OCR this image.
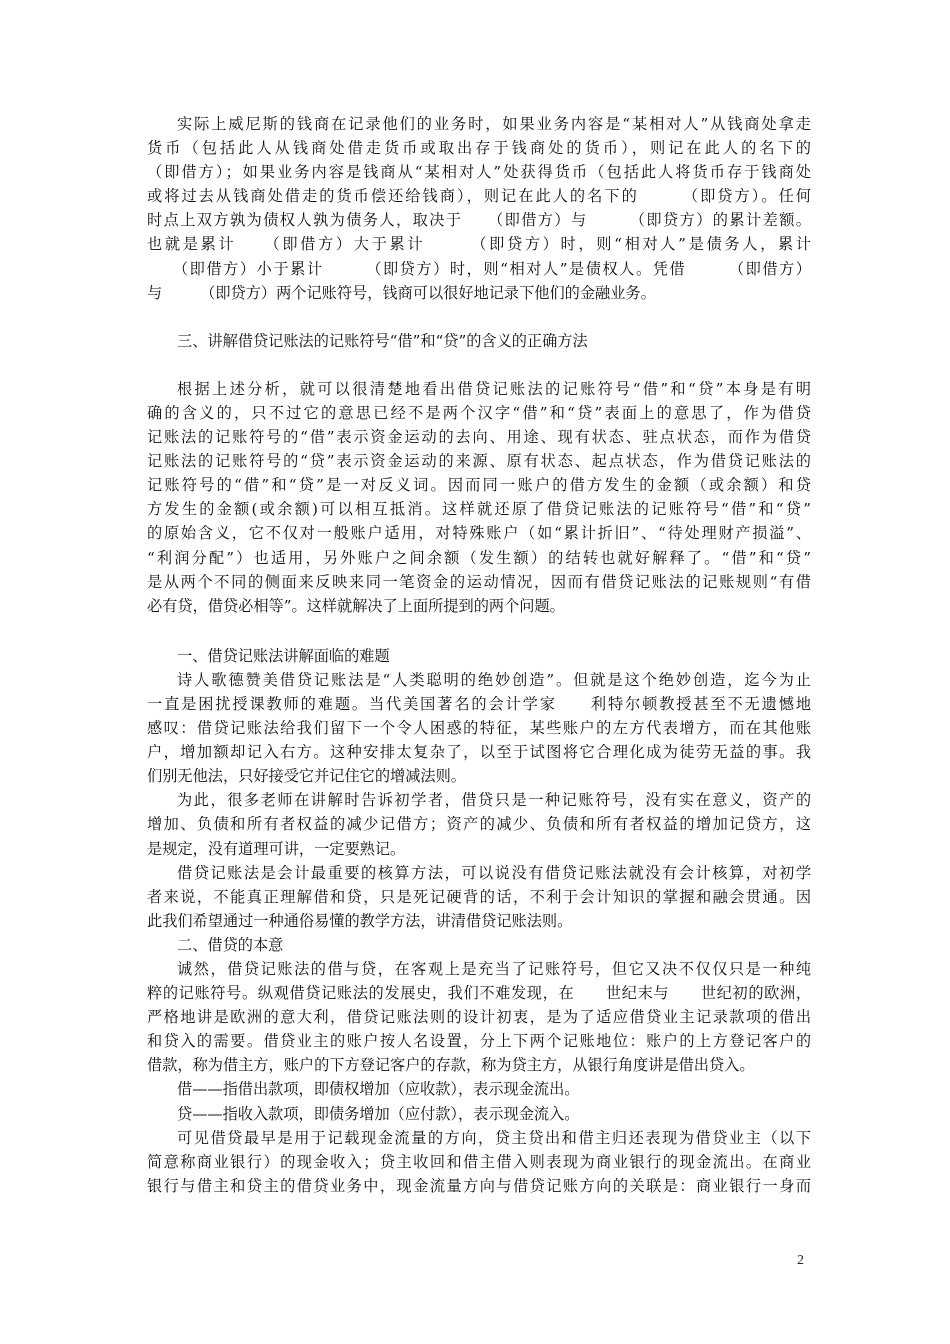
实际上威尼斯的钱商在记录他们的业务时，如果业务内容是“某相对人”从钱商处拿走
货币（包括此人从钱商处借走货币或取出存于钱商处的货币），则记在此人的名下的
（即借方）；如果业务内容是钱商从“某相对人”处获得货币（包括此人将货币存于钱商处
或将过去从钱商处借走的货币偿还给钱商），则记在此人的名下的　　　（即贷方）。任何
时点上双方孰为债权人孰为债务人，取决于　　（即借方）与　　　（即贷方）的累计差额。
也就是累计　　（即借方）大于累计　　　（即贷方）时，则“相对人”是债务人，累计
　　（即借方）小于累计　　　（即贷方）时，则“相对人”是债权人。凭借　　　（即借方）
与　　　（即贷方）两个记账符号，钱商可以很好地记录下他们的金融业务。
三、讲解借贷记账法的记账符号“借”和“贷”的含义的正确方法
根据上述分析，就可以很清楚地看出借贷记账法的记账符号“借”和“贷”本身是有明
确的含义的，只不过它的意思已经不是两个汉字“借”和“贷”表面上的意思了，作为借贷
记账法的记账符号的“借”表示资金运动的去向、用途、现有状态、驻点状态，而作为借贷
记账法的记账符号的“贷”表示资金运动的来源、原有状态、起点状态，作为借贷记账法的
记账符号的“借”和“贷”是一对反义词。因而同一账户的借方发生的金额（或余额）和贷
方发生的金额(或余额)可以相互抵消。这样就还原了借贷记账法的记账符号“借”和“贷”
的原始含义，它不仅对一般账户适用，对特殊账户（如“累计折旧”、“待处理财产损溢”、
“利润分配”）也适用，另外账户之间余额（发生额）的结转也就好解释了。“借”和“贷”
是从两个不同的侧面来反映来同一笔资金的运动情况，因而有借贷记账法的记账规则“有借
必有贷，借贷必相等”。这样就解决了上面所提到的两个问题。
一、借贷记账法讲解面临的难题
诗人歌德赞美借贷记账法是“人类聪明的绝妙创造”。但就是这个绝妙创造，迄今为止
一直是困扰授课教师的难题。当代美国著名的会计学家　　利特尔顿教授甚至不无遗憾地
感叹：借贷记账法给我们留下一个令人困惑的特征，某些账户的左方代表增方，而在其他账
户，增加额却记入右方。这种安排太复杂了，以至于试图将它合理化成为徒劳无益的事。我
们别无他法，只好接受它并记住它的增减法则。
为此，很多老师在讲解时告诉初学者，借贷只是一种记账符号，没有实在意义，资产的
增加、负债和所有者权益的减少记借方；资产的减少、负债和所有者权益的增加记贷方，这
是规定，没有道理可讲，一定要熟记。
借贷记账法是会计最重要的核算方法，可以说没有借贷记账法就没有会计核算，对初学
者来说，不能真正理解借和贷，只是死记硬背的话，不利于会计知识的掌握和融会贯通。因
此我们希望通过一种通俗易懂的教学方法，讲清借贷记账法则。
二、借贷的本意
诚然，借贷记账法的借与贷，在客观上是充当了记账符号，但它又决不仅仅只是一种纯
粹的记账符号。纵观借贷记账法的发展史，我们不难发现，在　　世纪末与　　世纪初的欧洲，
严格地讲是欧洲的意大利，借贷记账法则的设计初衷，是为了适应借贷业主记录款项的借出
和贷入的需要。借贷业主的账户按人名设置，分上下两个记账地位：账户的上方登记客户的
借款，称为借主方，账户的下方登记客户的存款，称为贷主方，从银行角度讲是借出贷入。
借——指借出款项，即债权增加（应收款），表示现金流出。
贷——指收入款项，即债务增加（应付款），表示现金流入。
可见借贷最早是用于记载现金流量的方向，贷主贷出和借主归还表现为借贷业主（以下
简意称商业银行）的现金收入；贷主收回和借主借入则表现为商业银行的现金流出。在商业
银行与借主和贷主的借贷业务中，现金流量方向与借贷记账方向的关联是：商业银行一身而
2
